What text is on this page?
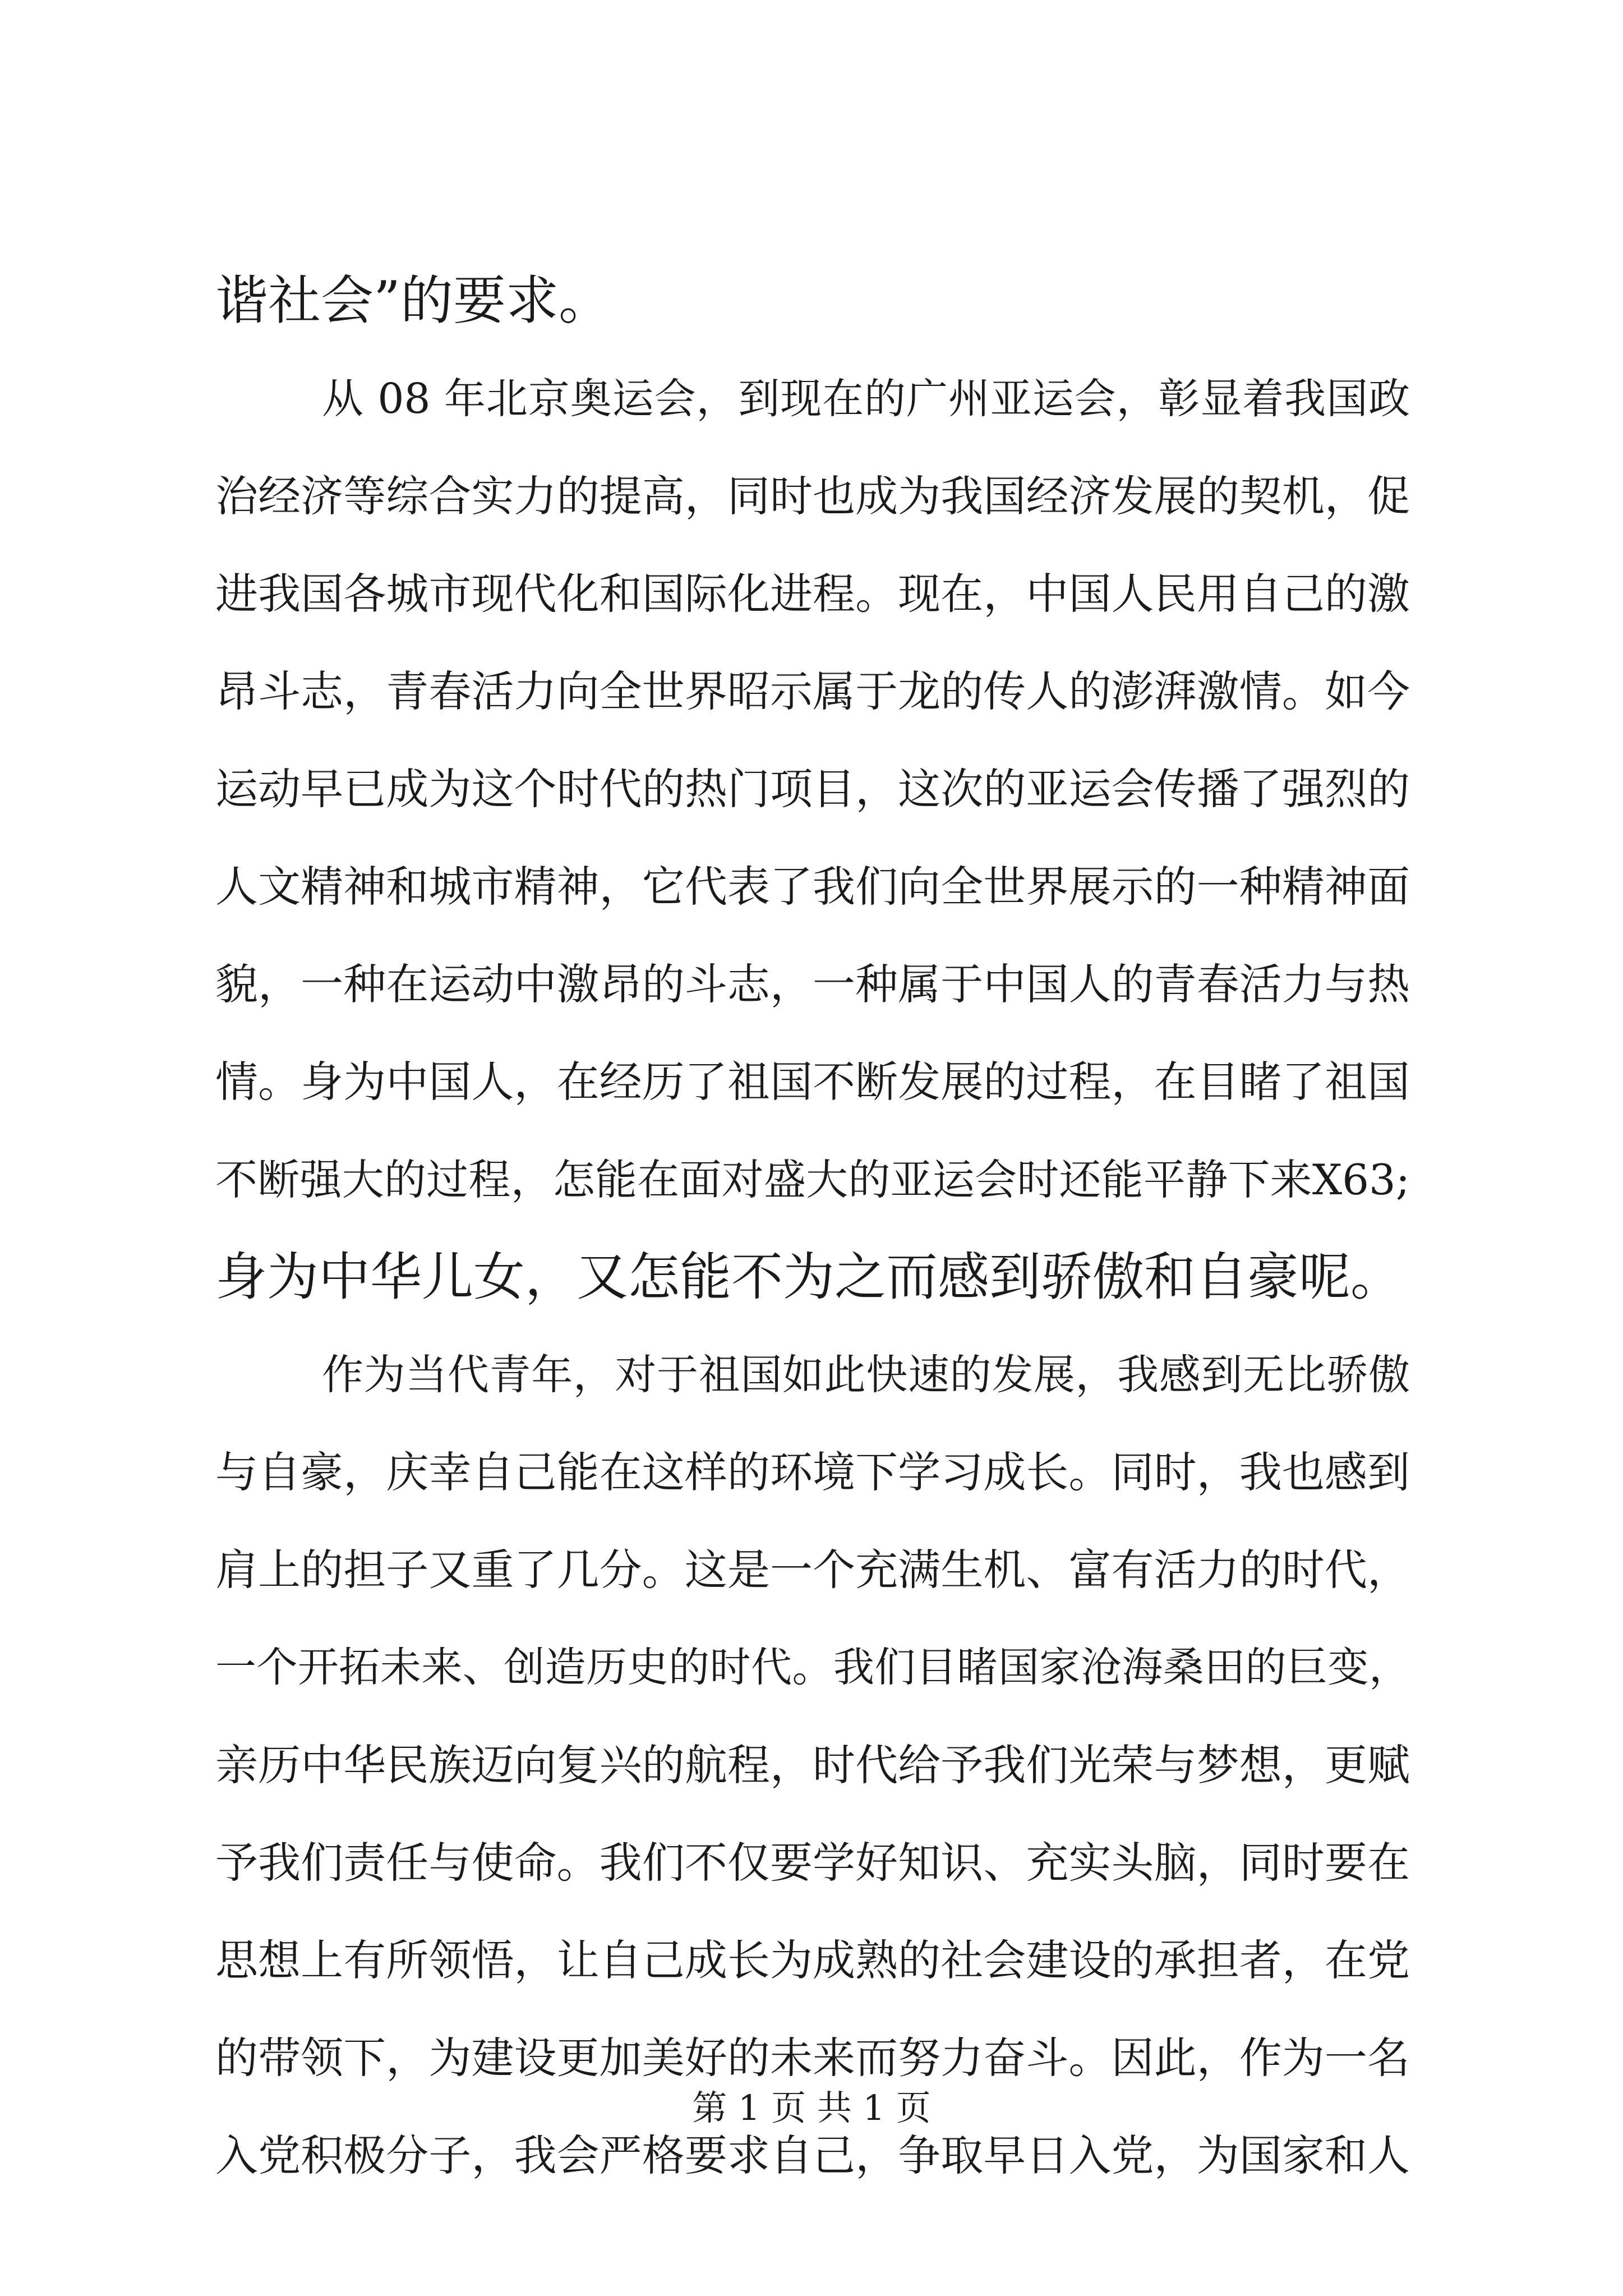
谐社会”的要求。
从 08 年北京奥运会，到现在的广州亚运会，彰显着我国政
治经济等综合实力的提高，同时也成为我国经济发展的契机，促
进我国各城市现代化和国际化进程。现在，中国人民用自己的激
昂斗志，青春活力向全世界昭示属于龙的传人的澎湃激情。如今
运动早已成为这个时代的热门项目，这次的亚运会传播了强烈的
人文精神和城市精神，它代表了我们向全世界展示的一种精神面
貌，一种在运动中激昂的斗志，一种属于中国人的青春活力与热
情。身为中国人，在经历了祖国不断发展的过程，在目睹了祖国
不断强大的过程，怎能在面对盛大的亚运会时还能平静下来X63;
身为中华儿女，又怎能不为之而感到骄傲和自豪呢。
作为当代青年，对于祖国如此快速的发展，我感到无比骄傲
与自豪，庆幸自己能在这样的环境下学习成长。同时，我也感到
肩上的担子又重了几分。这是一个充满生机、富有活力的时代，
一个开拓未来、创造历史的时代。我们目睹国家沧海桑田的巨变，
亲历中华民族迈向复兴的航程，时代给予我们光荣与梦想，更赋
予我们责任与使命。我们不仅要学好知识、充实头脑，同时要在
思想上有所领悟，让自己成长为成熟的社会建设的承担者，在党
的带领下，为建设更加美好的未来而努力奋斗。因此，作为一名
入党积极分子，我会严格要求自己，争取早日入党，为国家和人
第 1 页 共 1 页
